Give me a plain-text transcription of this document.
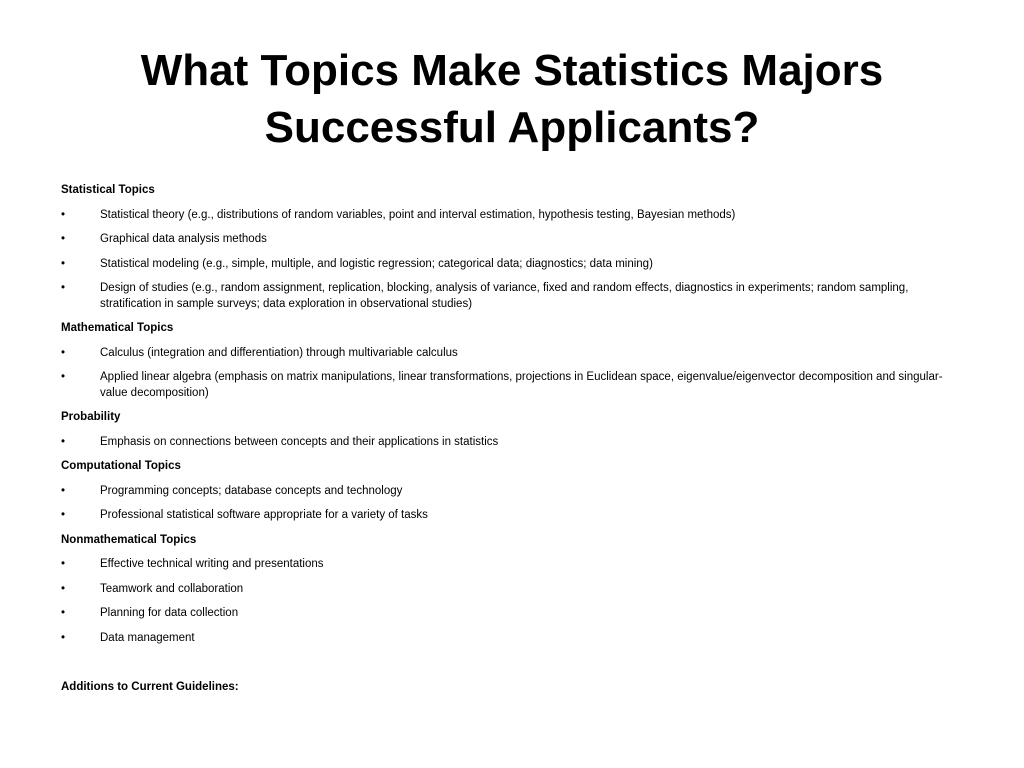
What Topics Make Statistics Majors Successful Applicants?
Statistical Topics
•	Statistical theory (e.g., distributions of random variables, point and interval estimation, hypothesis testing, Bayesian methods)
•	Graphical data analysis methods
•	Statistical modeling (e.g., simple, multiple, and logistic regression; categorical data; diagnostics; data mining)
•	Design of studies (e.g., random assignment, replication, blocking, analysis of variance, fixed and random effects, diagnostics in experiments; random sampling, stratification in sample surveys; data exploration in observational studies)
Mathematical Topics
•	Calculus (integration and differentiation) through multivariable calculus
•	Applied linear algebra (emphasis on matrix manipulations, linear transformations, projections in Euclidean space, eigenvalue/eigenvector decomposition and singular-value decomposition)
Probability
•	Emphasis on connections between concepts and their applications in statistics
Computational Topics
•	Programming concepts; database concepts and technology
•	Professional statistical software appropriate for a variety of tasks
Nonmathematical Topics
•	Effective technical writing and presentations
•	Teamwork and collaboration
•	Planning for data collection
•	Data management
Additions to Current Guidelines:
